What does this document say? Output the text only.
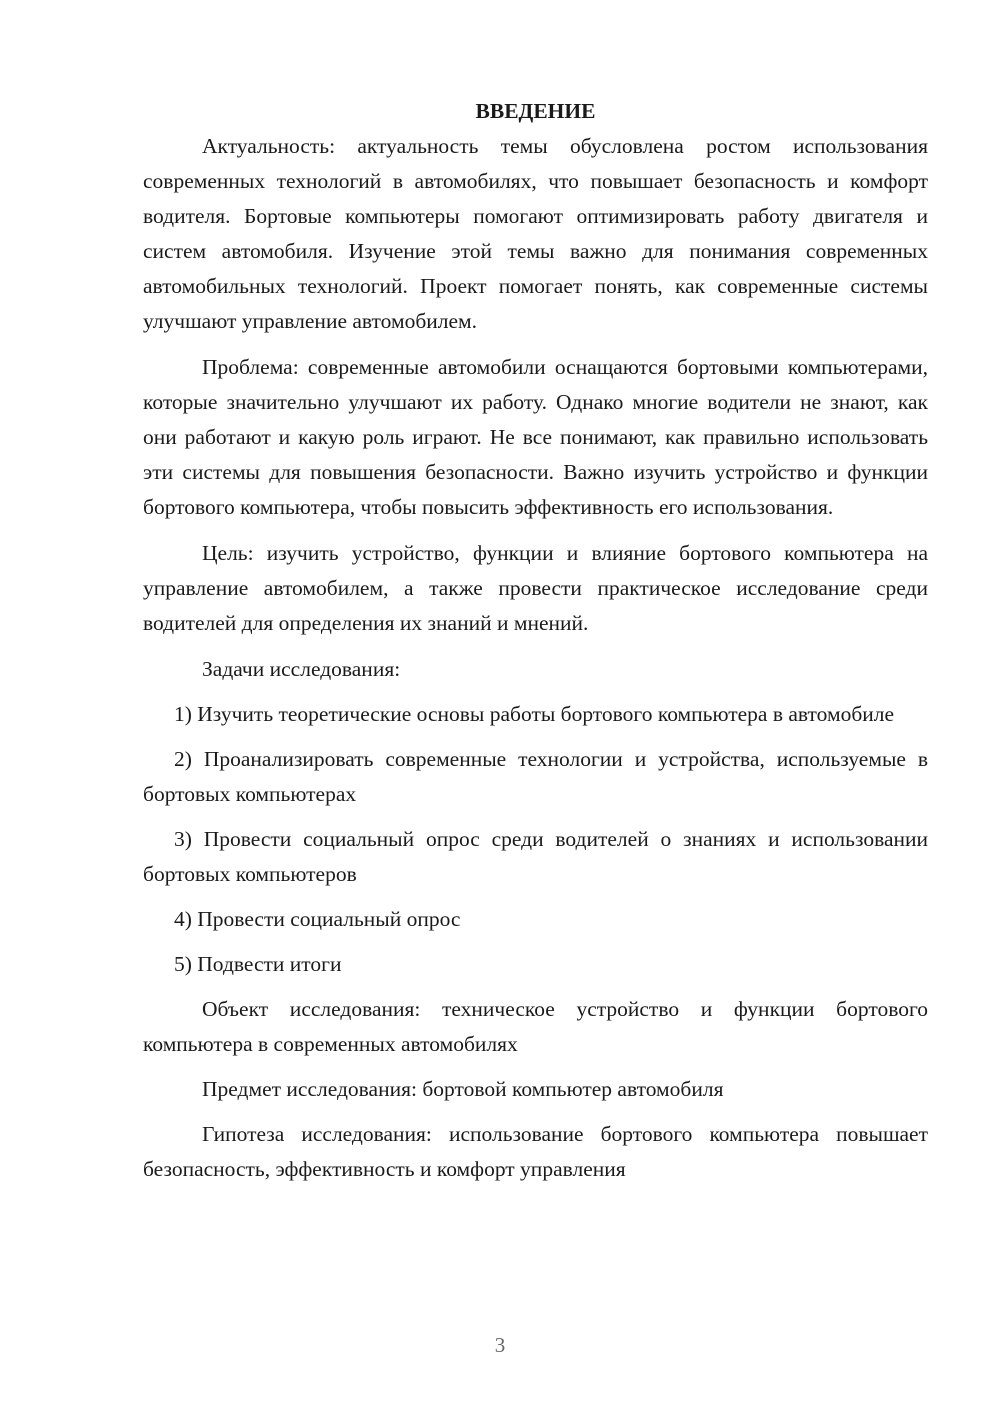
ВВЕДЕНИЕ

Актуальность: актуальность темы обусловлена ростом использования современных технологий в автомобилях, что повышает безопасность и комфорт водителя. Бортовые компьютеры помогают оптимизировать работу двигателя и систем автомобиля. Изучение этой темы важно для понимания современных автомобильных технологий. Проект помогает понять, как современные системы улучшают управление автомобилем.

Проблема: современные автомобили оснащаются бортовыми компьютерами, которые значительно улучшают их работу. Однако многие водители не знают, как они работают и какую роль играют. Не все понимают, как правильно использовать эти системы для повышения безопасности. Важно изучить устройство и функции бортового компьютера, чтобы повысить эффективность его использования.

Цель: изучить устройство, функции и влияние бортового компьютера на управление автомобилем, а также провести практическое исследование среди водителей для определения их знаний и мнений.

Задачи исследования:

1) Изучить теоретические основы работы бортового компьютера в автомобиле

2) Проанализировать современные технологии и устройства, используемые в бортовых компьютерах

3) Провести социальный опрос среди водителей о знаниях и использовании бортовых компьютеров

4) Провести социальный опрос

5) Подвести итоги

Объект исследования: техническое устройство и функции бортового компьютера в современных автомобилях

Предмет исследования: бортовой компьютер автомобиля

Гипотеза исследования: использование бортового компьютера повышает безопасность, эффективность и комфорт управления

3
